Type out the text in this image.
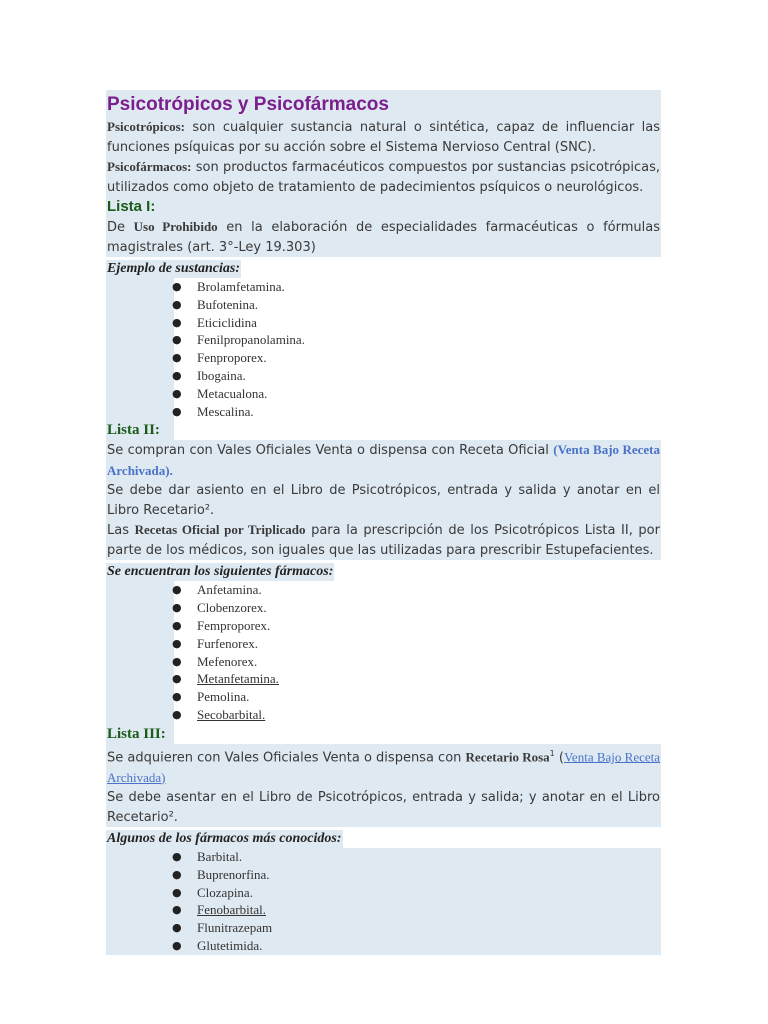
Psicotrópicos y Psicofármacos
Psicotrópicos: son cualquier sustancia natural o sintética, capaz de influenciar las funciones psíquicas por su acción sobre el Sistema Nervioso Central (SNC).
Psicofármacos: son productos farmacéuticos compuestos por sustancias psicotrópicas, utilizados como objeto de tratamiento de padecimientos psíquicos o neurológicos.
Lista I:
De Uso Prohibido en la elaboración de especialidades farmacéuticas o fórmulas magistrales (art. 3°-Ley 19.303)
Ejemplo de sustancias:
● Brolamfetamina.
● Bufotenina.
● Eticiclidina
● Fenilpropanolamina.
● Fenproporex.
● Ibogaina.
● Metacualona.
● Mescalina.
Lista II:
Se compran con Vales Oficiales Venta o dispensa con Receta Oficial (Venta Bajo Receta Archivada).
Se debe dar asiento en el Libro de Psicotrópicos, entrada y salida y anotar en el Libro Recetario².
Las Recetas Oficial por Triplicado para la prescripción de los Psicotrópicos Lista II, por parte de los médicos, son iguales que las utilizadas para prescribir Estupefacientes.
Se encuentran los siguientes fármacos:
● Anfetamina.
● Clobenzorex.
● Femproporex.
● Furfenorex.
● Mefenorex.
● Metanfetamina.
● Pemolina.
● Secobarbital.
Lista III:
Se adquieren con Vales Oficiales Venta o dispensa con Recetario Rosa$^1$ (Venta Bajo Receta Archivada)
Se debe asentar en el Libro de Psicotrópicos, entrada y salida; y anotar en el Libro Recetario².
Algunos de los fármacos más conocidos:
● Barbital.
● Buprenorfina.
● Clozapina.
● Fenobarbital.
● Flunitrazepam
● Glutetimida.
